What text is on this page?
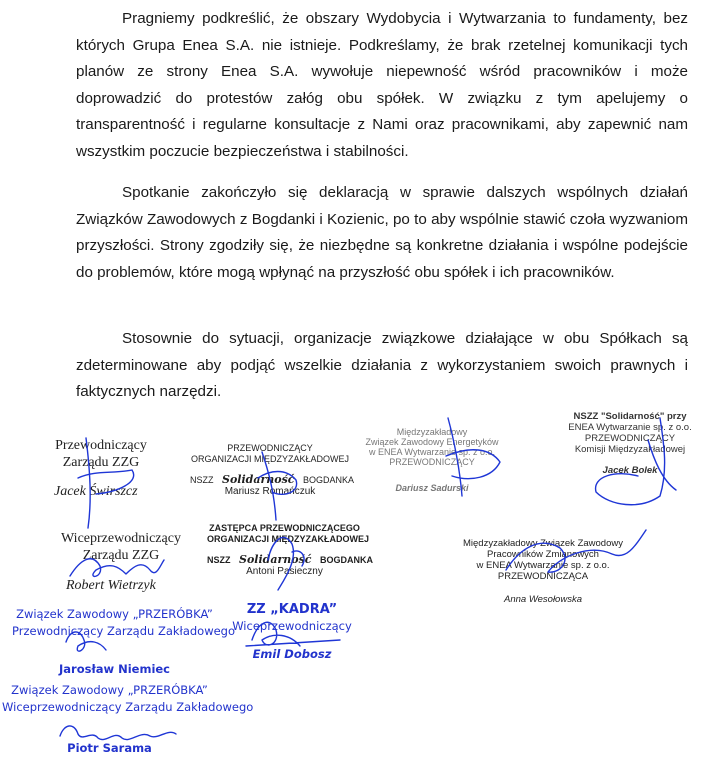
Pragniemy podkreślić, że obszary Wydobycia i Wytwarzania to fundamenty, bez których Grupa Enea S.A. nie istnieje. Podkreślamy, że brak rzetelnej komunikacji tych planów ze strony Enea S.A. wywołuje niepewność wśród pracowników i może doprowadzić do protestów załóg obu spółek. W związku z tym apelujemy o transparentność i regularne konsultacje z Nami oraz pracownikami, aby zapewnić nam wszystkim poczucie bezpieczeństwa i stabilności.

Spotkanie zakończyło się deklaracją w sprawie dalszych wspólnych działań Związków Zawodowych z Bogdanki i Kozienic, po to aby wspólnie stawić czoła wyzwaniom przyszłości. Strony zgodziły się, że niezbędne są konkretne działania i wspólne podejście do problemów, które mogą wpłynąć na przyszłość obu spółek i ich pracowników.

Stosownie do sytuacji, organizacje związkowe działające w obu Spółkach są zdeterminowane aby podjąć wszelkie działania z wykorzystaniem swoich prawnych i faktycznych narzędzi.

Przewodniczący
Zarządu ZZG
Jacek Świrszcz
Wiceprzewodniczący
Zarządu ZZG
Robert Wietrzyk
PRZEWODNICZĄCY
ORGANIZACJI MIĘDZYZAKŁADOWEJ
NSZZ Solidarność BOGDANKA
Mariusz Romańczuk
ZASTĘPCA PRZEWODNICZĄCEGO
ORGANIZACJI MIĘDZYZAKŁADOWEJ
NSZZ Solidarność BOGDANKA
Antoni Pasieczny
Międzyzakładowy
Związek Zawodowy Energetyków
w ENEA Wytwarzanie sp. z o.o.
PRZEWODNICZĄCY
Dariusz Sadurski
NSZZ "Solidarność" przy
ENEA Wytwarzanie sp. z o.o.
PRZEWODNICZĄCY
Komisji Międzyzakładowej
Jacek Bolek
Międzyzakładowy Związek Zawodowy
Pracowników Zmianowych
w ENEA Wytwarzanie sp. z o.o.
PRZEWODNICZĄCA
Anna Wesołowska
Związek Zawodowy „PRZERÓBKA”
Przewodniczący Zarządu Zakładowego
Jarosław Niemiec
ZZ „KADRA”
Wiceprzewodniczący
Emil Dobosz
Związek Zawodowy „PRZERÓBKA”
Wiceprzewodniczący Zarządu Zakładowego
Piotr Sarama
